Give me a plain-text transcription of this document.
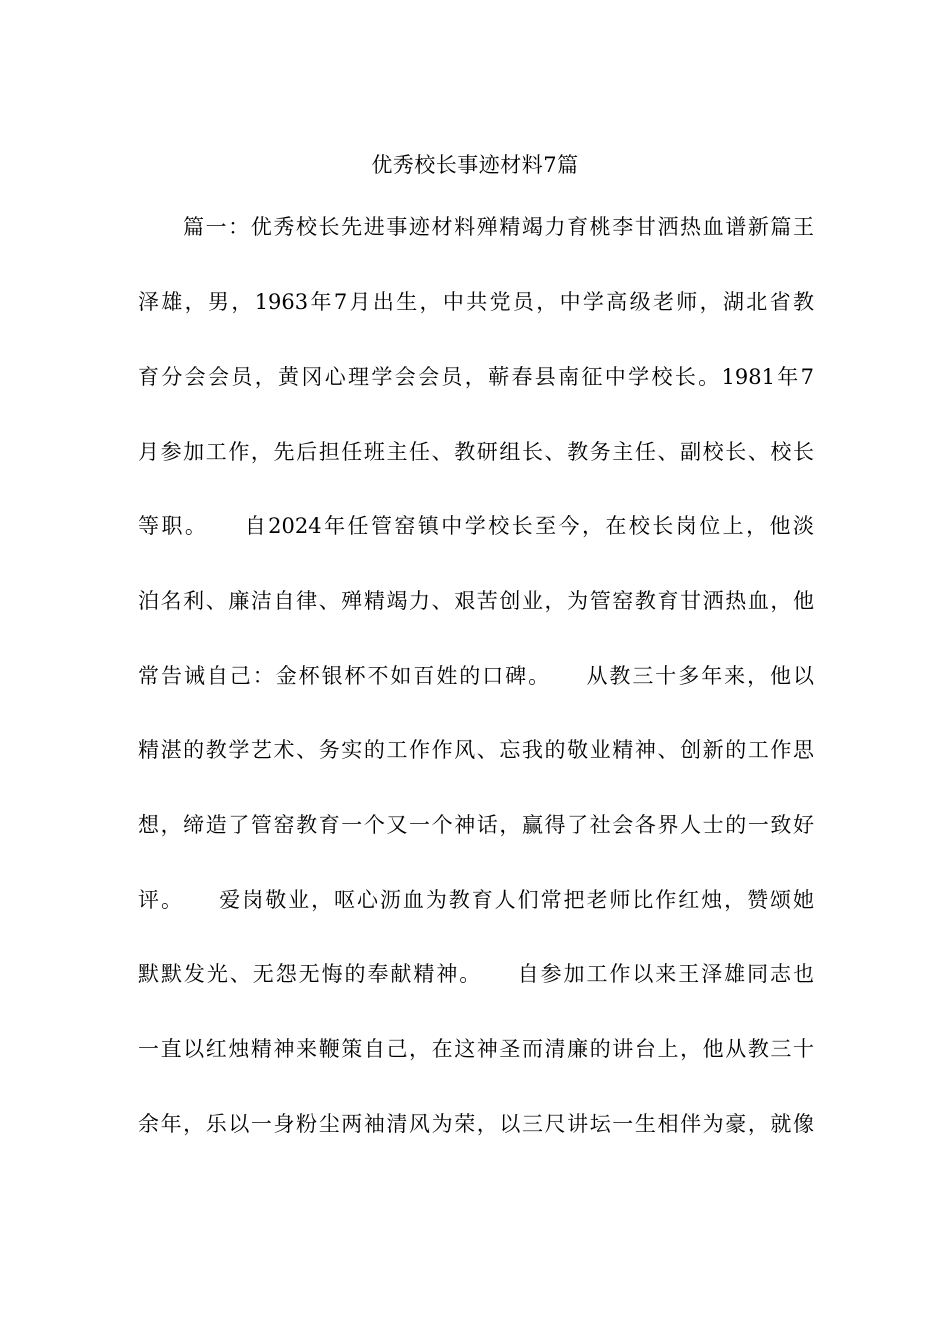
优秀校长事迹材料7篇
篇一：优秀校长先进事迹材料殚精竭力育桃李甘洒热血谱新篇王
泽雄，男，1963年7月出生，中共党员，中学高级老师，湖北省教
育分会会员，黄冈心理学会会员，蕲春县南征中学校长。1981年7
月参加工作，先后担任班主任、教研组长、教务主任、副校长、校长
等职。　　自2024年任管窑镇中学校长至今，在校长岗位上，他淡
泊名利、廉洁自律、殚精竭力、艰苦创业，为管窑教育甘洒热血，他
常告诫自己：金杯银杯不如百姓的口碑。　　从教三十多年来，他以
精湛的教学艺术、务实的工作作风、忘我的敬业精神、创新的工作思
想，缔造了管窑教育一个又一个神话，赢得了社会各界人士的一致好
评。　　爱岗敬业，呕心沥血为教育人们常把老师比作红烛，赞颂她
默默发光、无怨无悔的奉献精神。　　自参加工作以来王泽雄同志也
一直以红烛精神来鞭策自己，在这神圣而清廉的讲台上，他从教三十
余年，乐以一身粉尘两袖清风为荣，以三尺讲坛一生相伴为豪，就像
